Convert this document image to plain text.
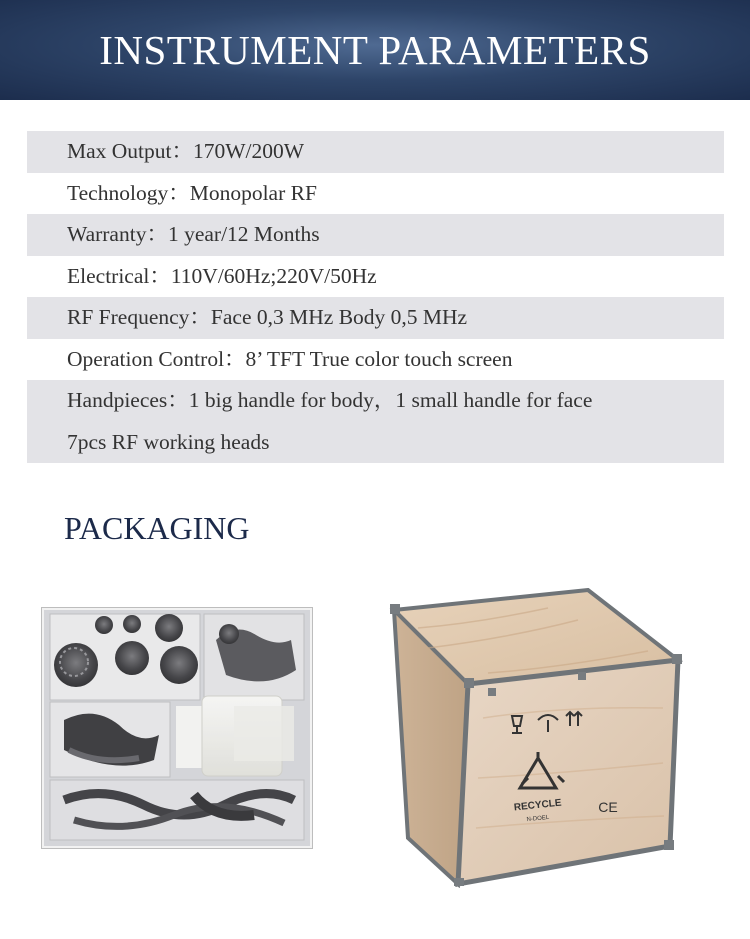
INSTRUMENT PARAMETERS
Max Output：170W/200W
Technology：Monopolar RF
Warranty：1 year/12 Months
Electrical：110V/60Hz;220V/50Hz
RF Frequency：Face 0,3 MHz Body 0,5 MHz
Operation Control：8’ TFT True color touch screen
Handpieces：1 big handle for body，1 small handle for face
7pcs RF working heads
PACKAGING
RECYCLE
N-DOEL
CE
